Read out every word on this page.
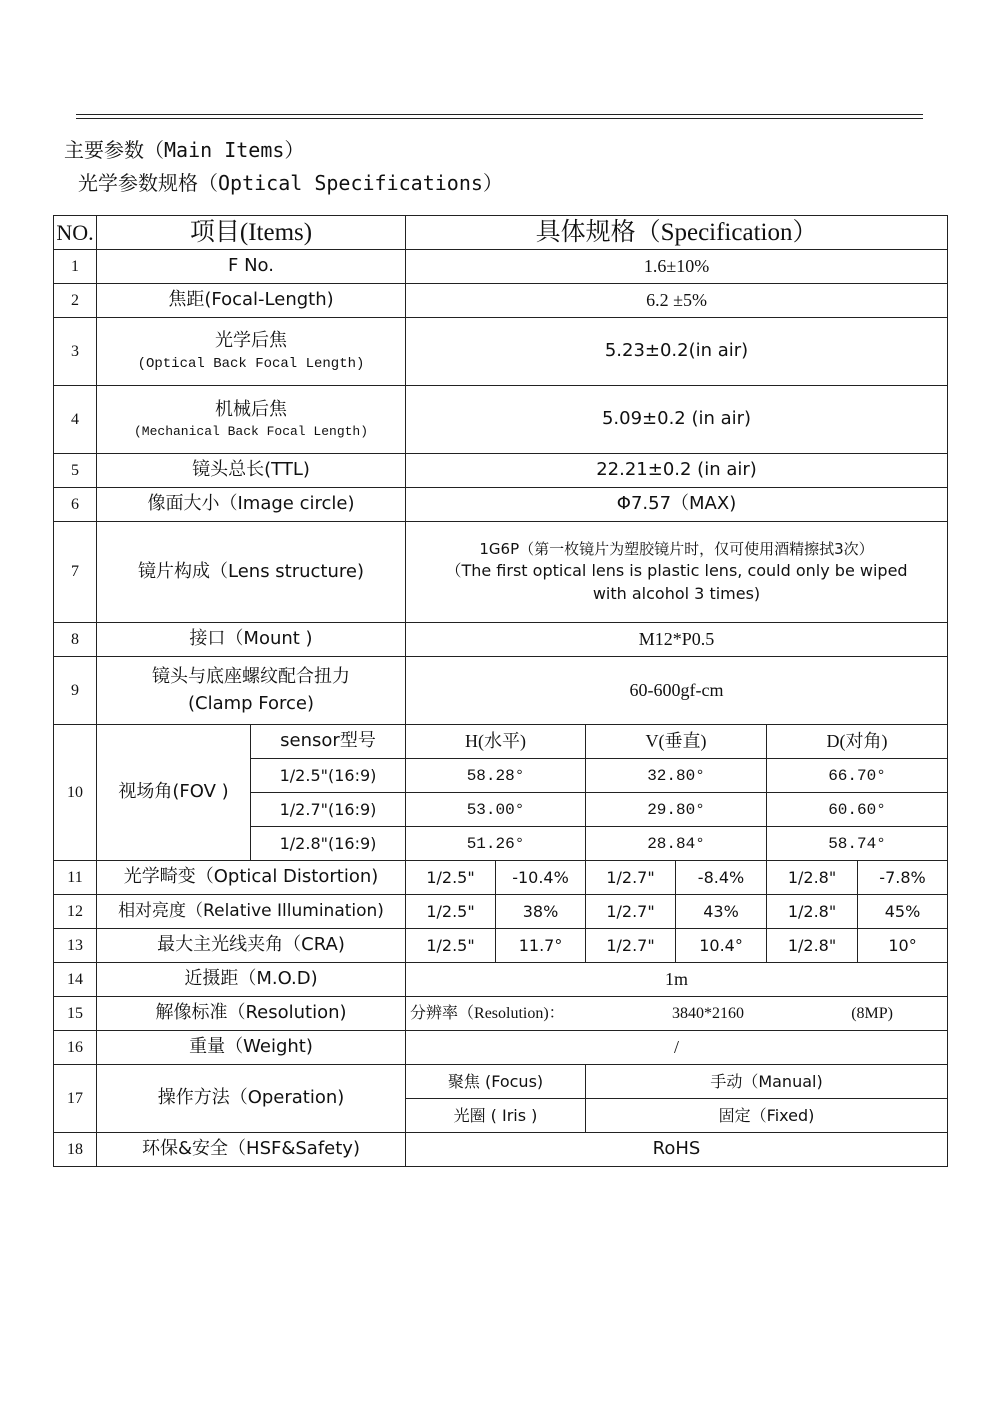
主要参数（Main Items）
光学参数规格（Optical Specifications）
NO.	项目(Items)		具体规格（Specification）					
1	F No.		1.6±10%					
2	焦距(Focal-Length)		6.2 ±5%					
3	光学后焦
(Optical Back Focal Length)		5.23±0.2(in air)					
4	机械后焦
(Mechanical Back Focal Length)		5.09±0.2 (in air)					
5	镜头总长(TTL)		22.21±0.2 (in air)					
6	像面大小（Image circle)		Φ7.57（MAX)					
7	镜片构成（Lens structure)		1G6P（第一枚镜片为塑胶镜片时，仅可使用酒精擦拭3次）
（The first optical lens is plastic lens, could only be wiped with alcohol 3 times)					

8	接口（Mount )		M12*P0.5					
9	镜头与底座螺纹配合扭力
(Clamp Force)		60-600gf-cm					
10	视场角(FOV )	sensor型号	H(水平)		V(垂直)		D(对角)	
		1/2.5"(16:9)	58.28°		32.80°		66.70°	
		1/2.7"(16:9)	53.00°		29.80°		60.60°	
		1/2.8"(16:9)	51.26°		28.84°		58.74°	
11	光学畸变（Optical Distortion)		1/2.5"	-10.4%	1/2.7"	-8.4%	1/2.8"	-7.8%
12	相对亮度（Relative Illumination)		1/2.5"	38%	1/2.7"	43%	1/2.8"	45%
13	最大主光线夹角（CRA)		1/2.5"	11.7°	1/2.7"	10.4°	1/2.8"	10°
14	近摄距（M.O.D)		1m					
15	解像标准（Resolution)		分辨率（Resolution)： 3840*2160 (8MP)					

16	重量（Weight)		/					
17	操作方法（Operation)		聚焦 (Focus)		手动（Manual)			
			光圈 ( Iris )		固定（Fixed)			
18	环保&安全（HSF&Safety)		RoHS					
